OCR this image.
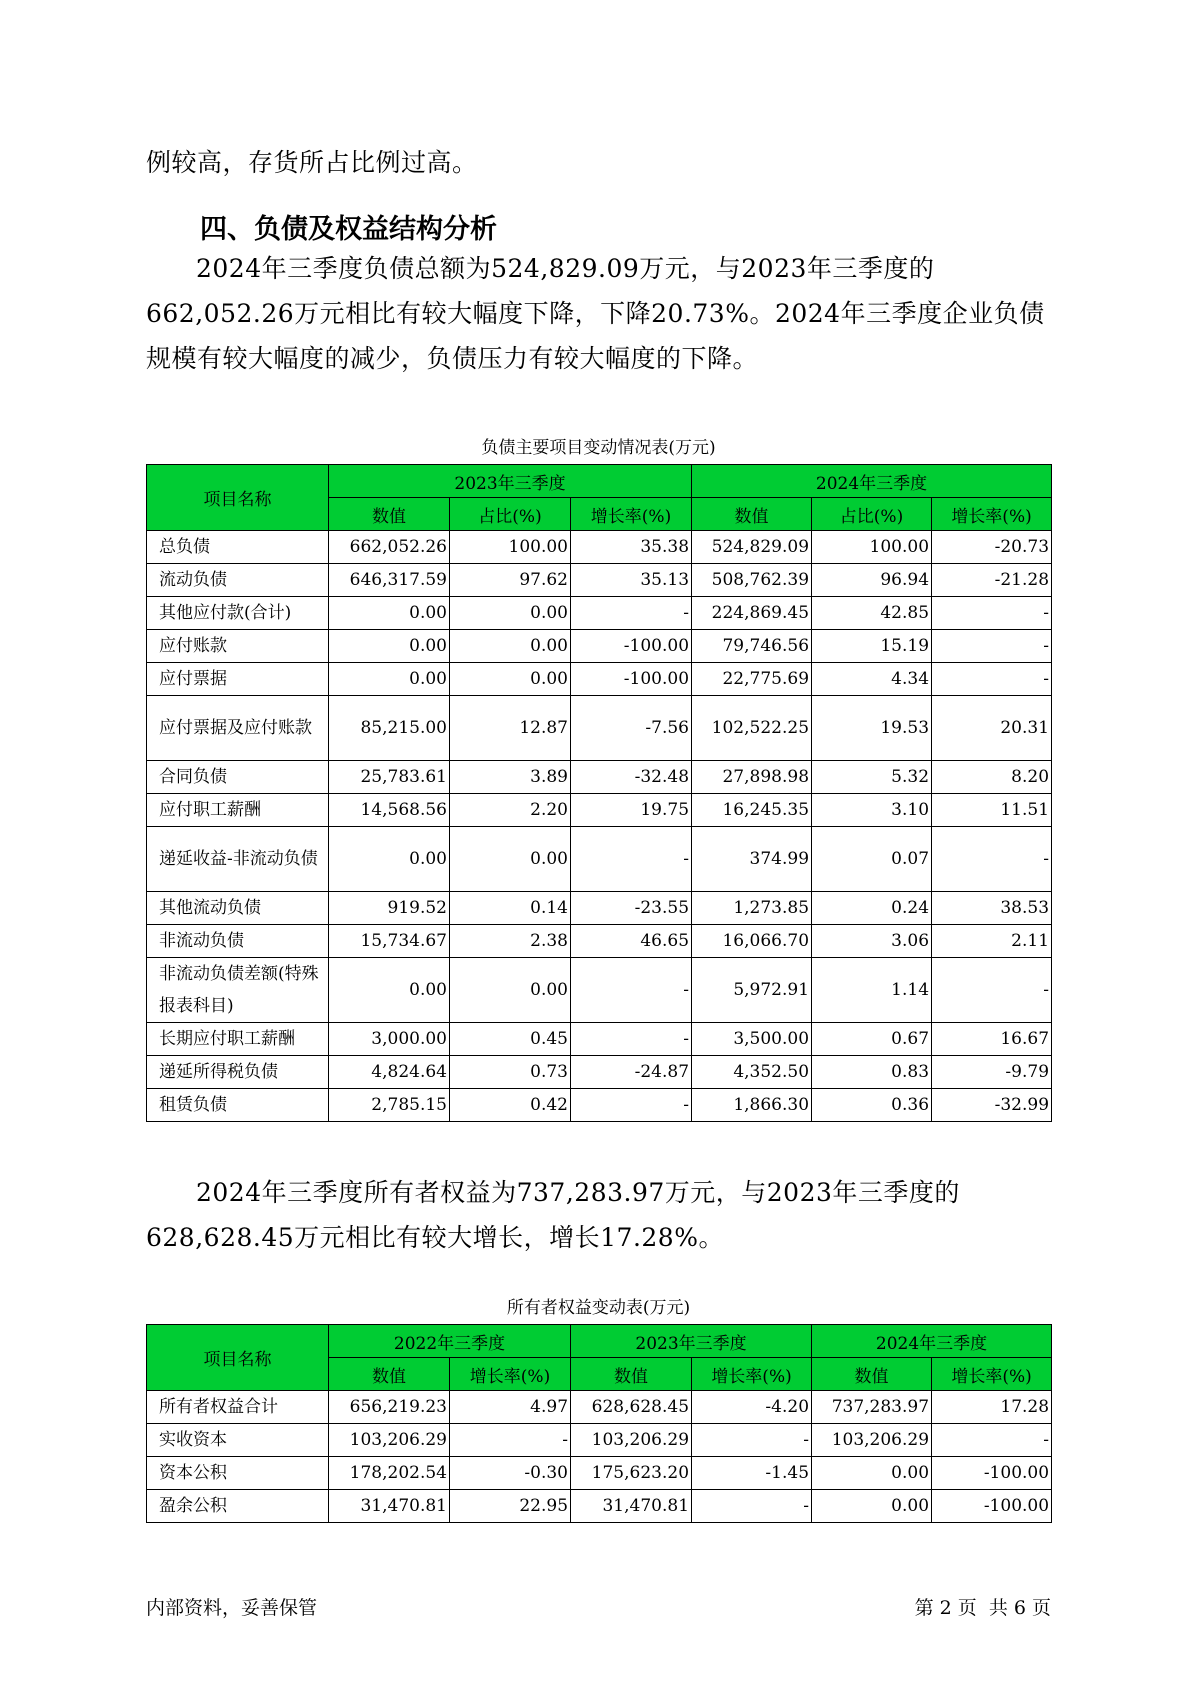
例较高，存货所占比例过高。

四、负债及权益结构分析

2024年三季度负债总额为524,829.09万元，与2023年三季度的662,052.26万元相比有较大幅度下降，下降20.73%。2024年三季度企业负债规模有较大幅度的减少，负债压力有较大幅度的下降。

负债主要项目变动情况表(万元)

项目名称	2023年三季度			2024年三季度		
	数值	占比(%)	增长率(%)	数值	占比(%)	增长率(%)
总负债	662,052.26	100.00	35.38	524,829.09	100.00	-20.73
流动负债	646,317.59	97.62	35.13	508,762.39	96.94	-21.28
其他应付款(合计)	0.00	0.00	-	224,869.45	42.85	-
应付账款	0.00	0.00	-100.00	79,746.56	15.19	-
应付票据	0.00	0.00	-100.00	22,775.69	4.34	-
应付票据及应付账款	85,215.00	12.87	-7.56	102,522.25	19.53	20.31
合同负债	25,783.61	3.89	-32.48	27,898.98	5.32	8.20
应付职工薪酬	14,568.56	2.20	19.75	16,245.35	3.10	11.51
递延收益-非流动负债	0.00	0.00	-	374.99	0.07	-
其他流动负债	919.52	0.14	-23.55	1,273.85	0.24	38.53
非流动负债	15,734.67	2.38	46.65	16,066.70	3.06	2.11
非流动负债差额(特殊报表科目)	0.00	0.00	-	5,972.91	1.14	-
长期应付职工薪酬	3,000.00	0.45	-	3,500.00	0.67	16.67
递延所得税负债	4,824.64	0.73	-24.87	4,352.50	0.83	-9.79
租赁负债	2,785.15	0.42	-	1,866.30	0.36	-32.99

2024年三季度所有者权益为737,283.97万元，与2023年三季度的628,628.45万元相比有较大增长，增长17.28%。

所有者权益变动表(万元)

项目名称	2022年三季度		2023年三季度		2024年三季度	
	数值	增长率(%)	数值	增长率(%)	数值	增长率(%)
所有者权益合计	656,219.23	4.97	628,628.45	-4.20	737,283.97	17.28
实收资本	103,206.29	-	103,206.29	-	103,206.29	-
资本公积	178,202.54	-0.30	175,623.20	-1.45	0.00	-100.00
盈余公积	31,470.81	22.95	31,470.81	-	0.00	-100.00

内部资料，妥善保管	第 2 页  共 6 页
